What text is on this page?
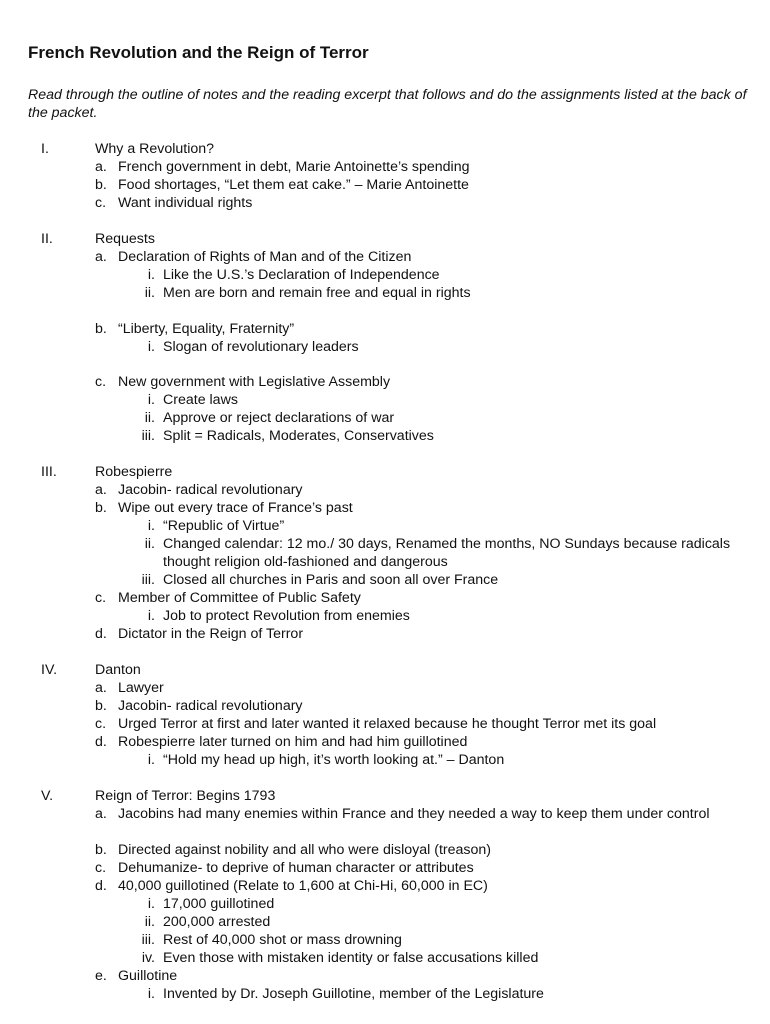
French Revolution and the Reign of Terror
Read through the outline of notes and the reading excerpt that follows and do the assignments listed at the back of the packet.
I.	Why a Revolution?
a. French government in debt, Marie Antoinette’s spending
b. Food shortages, “Let them eat cake.” – Marie Antoinette
c. Want individual rights
II.	Requests
a. Declaration of Rights of Man and of the Citizen
i. Like the U.S.’s Declaration of Independence
ii. Men are born and remain free and equal in rights
b. “Liberty, Equality, Fraternity”
i. Slogan of revolutionary leaders
c. New government with Legislative Assembly
i. Create laws
ii. Approve or reject declarations of war
iii. Split = Radicals, Moderates, Conservatives
III.	Robespierre
a. Jacobin- radical revolutionary
b. Wipe out every trace of France’s past
i. “Republic of Virtue”
ii. Changed calendar: 12 mo./ 30 days, Renamed the months, NO Sundays because radicals thought religion old-fashioned and dangerous
iii. Closed all churches in Paris and soon all over France
c. Member of Committee of Public Safety
i. Job to protect Revolution from enemies
d. Dictator in the Reign of Terror
IV.	Danton
a. Lawyer
b. Jacobin- radical revolutionary
c. Urged Terror at first and later wanted it relaxed because he thought Terror met its goal
d. Robespierre later turned on him and had him guillotined
i. “Hold my head up high, it’s worth looking at.” – Danton
V.	Reign of Terror: Begins 1793
a. Jacobins had many enemies within France and they needed a way to keep them under control
b. Directed against nobility and all who were disloyal (treason)
c. Dehumanize- to deprive of human character or attributes
d. 40,000 guillotined (Relate to 1,600 at Chi-Hi, 60,000 in EC)
i. 17,000 guillotined
ii. 200,000 arrested
iii. Rest of 40,000 shot or mass drowning
iv. Even those with mistaken identity or false accusations killed
e. Guillotine
i. Invented by Dr. Joseph Guillotine, member of the Legislature
